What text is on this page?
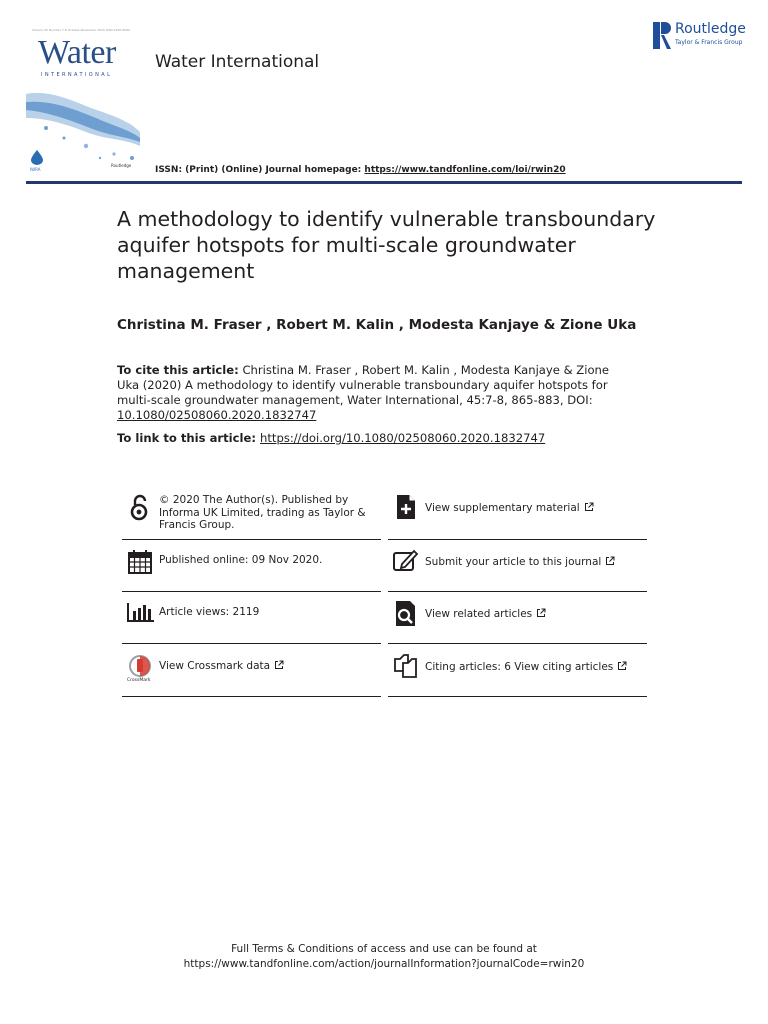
Volume 45 Number 7-8 October-November 2020 ISSN 0250-8060
Water
INTERNATIONAL
IWRA
Routledge
Water International
Routledge
Taylor & Francis Group
ISSN: (Print) (Online) Journal homepage: https://www.tandfonline.com/loi/rwin20
A methodology to identify vulnerable transboundary aquifer hotspots for multi-scale groundwater management
Christina M. Fraser , Robert M. Kalin , Modesta Kanjaye & Zione Uka
To cite this article: Christina M. Fraser , Robert M. Kalin , Modesta Kanjaye & Zione Uka (2020) A methodology to identify vulnerable transboundary aquifer hotspots for multi-scale groundwater management, Water International, 45:7-8, 865-883, DOI: 10.1080/02508060.2020.1832747
To link to this article: https://doi.org/10.1080/02508060.2020.1832747
© 2020 The Author(s). Published by Informa UK Limited, trading as Taylor & Francis Group.
Published online: 09 Nov 2020.
Article views: 2119
CrossMark
View Crossmark data
View supplementary material
Submit your article to this journal
View related articles
Citing articles: 6 View citing articles
Full Terms & Conditions of access and use can be found at
https://www.tandfonline.com/action/journalInformation?journalCode=rwin20
